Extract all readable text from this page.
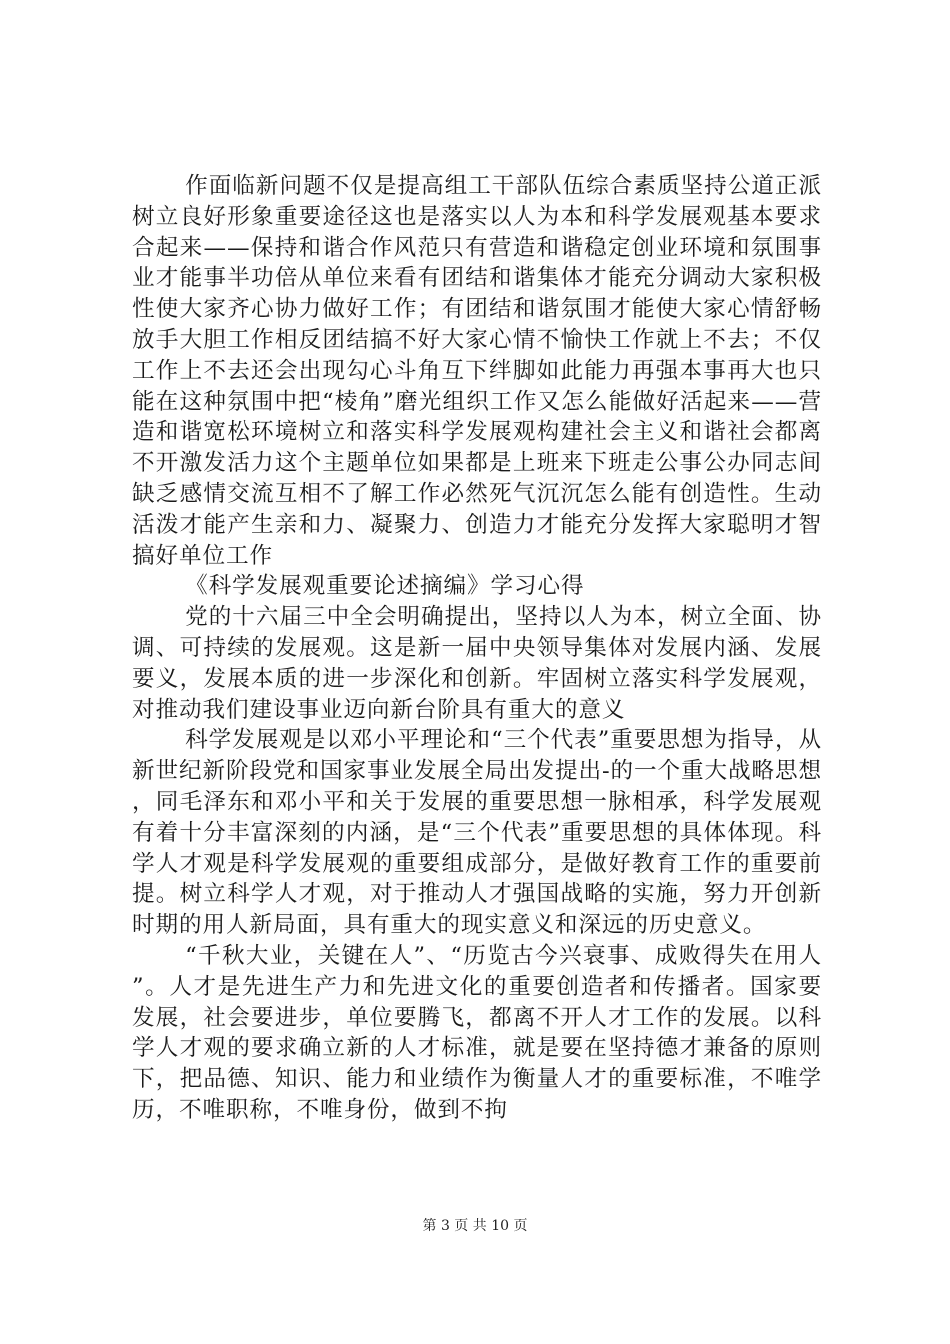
作面临新问题不仅是提高组工干部队伍综合素质坚持公道正派树立良好形象重要途径这也是落实以人为本和科学发展观基本要求合起来——保持和谐合作风范只有营造和谐稳定创业环境和氛围事业才能事半功倍从单位来看有团结和谐集体才能充分调动大家积极性使大家齐心协力做好工作；有团结和谐氛围才能使大家心情舒畅放手大胆工作相反团结搞不好大家心情不愉快工作就上不去；不仅工作上不去还会出现勾心斗角互下绊脚如此能力再强本事再大也只能在这种氛围中把“棱角”磨光组织工作又怎么能做好活起来——营造和谐宽松环境树立和落实科学发展观构建社会主义和谐社会都离不开激发活力这个主题单位如果都是上班来下班走公事公办同志间缺乏感情交流互相不了解工作必然死气沉沉怎么能有创造性。生动活泼才能产生亲和力、凝聚力、创造力才能充分发挥大家聪明才智搞好单位工作

《科学发展观重要论述摘编》学习心得

党的十六届三中全会明确提出，坚持以人为本，树立全面、协调、可持续的发展观。这是新一届中央领导集体对发展内涵、发展要义，发展本质的进一步深化和创新。牢固树立落实科学发展观，对推动我们建设事业迈向新台阶具有重大的意义

科学发展观是以邓小平理论和“三个代表”重要思想为指导，从新世纪新阶段党和国家事业发展全局出发提出-的一个重大战略思想，同毛泽东和邓小平和关于发展的重要思想一脉相承，科学发展观有着十分丰富深刻的内涵，是“三个代表”重要思想的具体体现。科学人才观是科学发展观的重要组成部分，是做好教育工作的重要前提。树立科学人才观，对于推动人才强国战略的实施，努力开创新时期的用人新局面，具有重大的现实意义和深远的历史意义。

“千秋大业，关键在人”、“历览古今兴衰事、成败得失在用人”。人才是先进生产力和先进文化的重要创造者和传播者。国家要发展，社会要进步，单位要腾飞，都离不开人才工作的发展。以科学人才观的要求确立新的人才标准，就是要在坚持德才兼备的原则下，把品德、知识、能力和业绩作为衡量人才的重要标准，不唯学历，不唯职称，不唯身份，做到不拘

第 3 页 共 10 页
